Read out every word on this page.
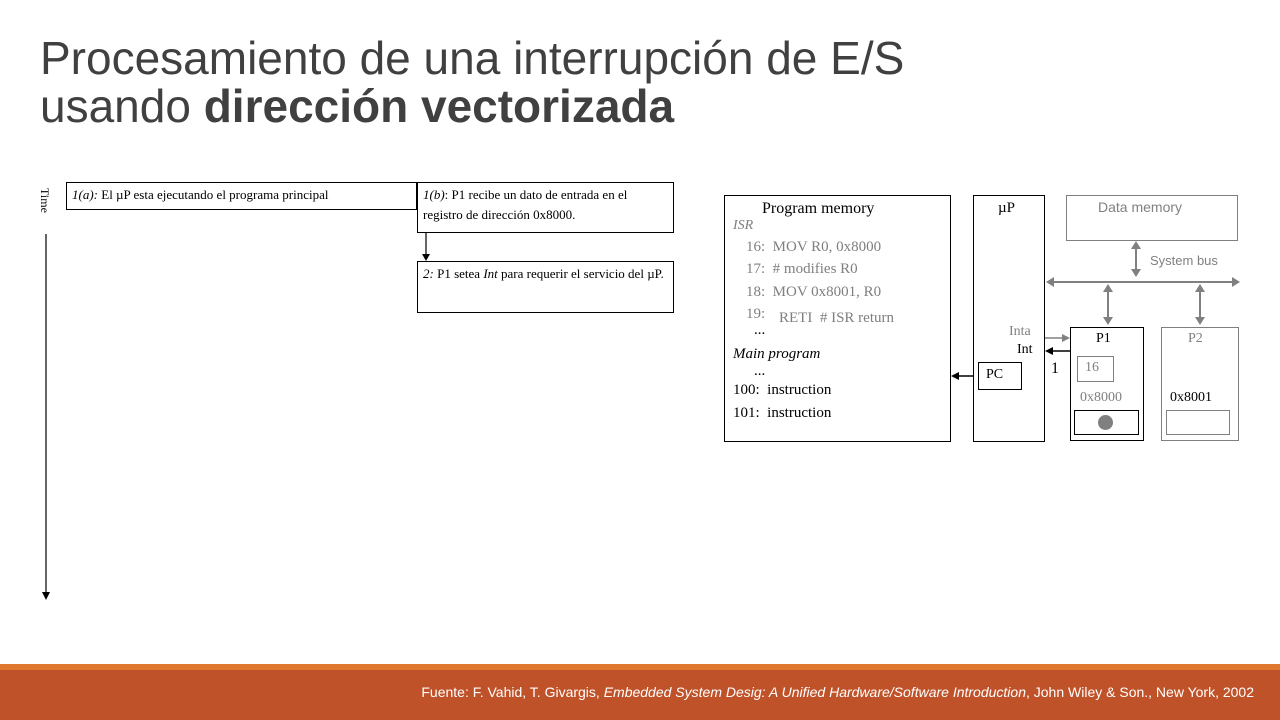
Procesamiento de una interrupción de E/S
usando dirección vectorizada
Time	1(a): El µP esta ejecutando el programa principal	1(b): P1 recibe un dato de entrada en el registro de dirección 0x8000.
2: P1 setea Int para requerir el servicio del µP.
Program memory
ISR
16:  MOV R0, 0x8000
17:  # modifies R0
18:  MOV 0x8001, R0
19: RETI  # ISR return
...
Main program
...
100:  instruction
101:  instruction
µP
PC
Inta
Int
1
Data memory
System bus
P1
16
0x8000
P2
0x8001
Fuente: F. Vahid, T. Givargis, Embedded System Desig: A Unified Hardware/Software Introduction, John Wiley & Son., New York, 2002
